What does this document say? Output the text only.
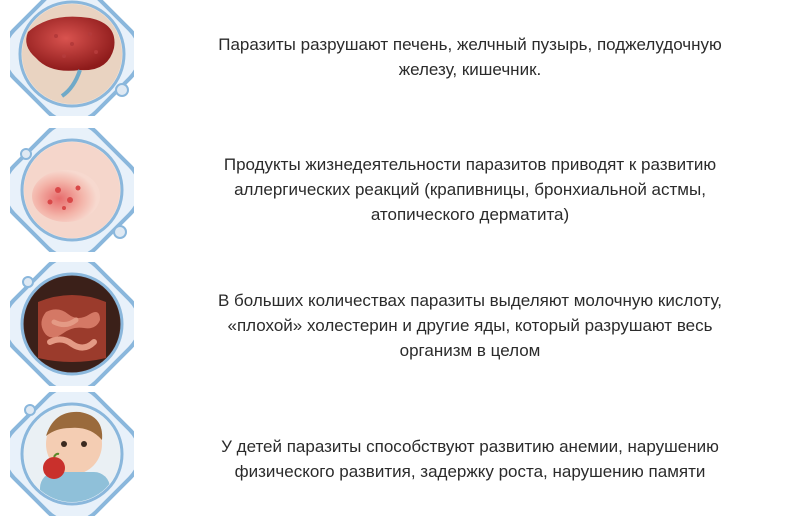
Паразиты разрушают печень, желчный пузырь, поджелудочную
железу, кишечник.
Продукты жизнедеятельности паразитов приводят к развитию
аллергических реакций (крапивницы, бронхиальной астмы,
атопического дерматита)
В больших количествах паразиты выделяют молочную кислоту,
«плохой» холестерин и другие яды, который разрушают весь
организм в целом
У детей паразиты способствуют развитию анемии, нарушению
физического развития, задержку роста, нарушению памяти
